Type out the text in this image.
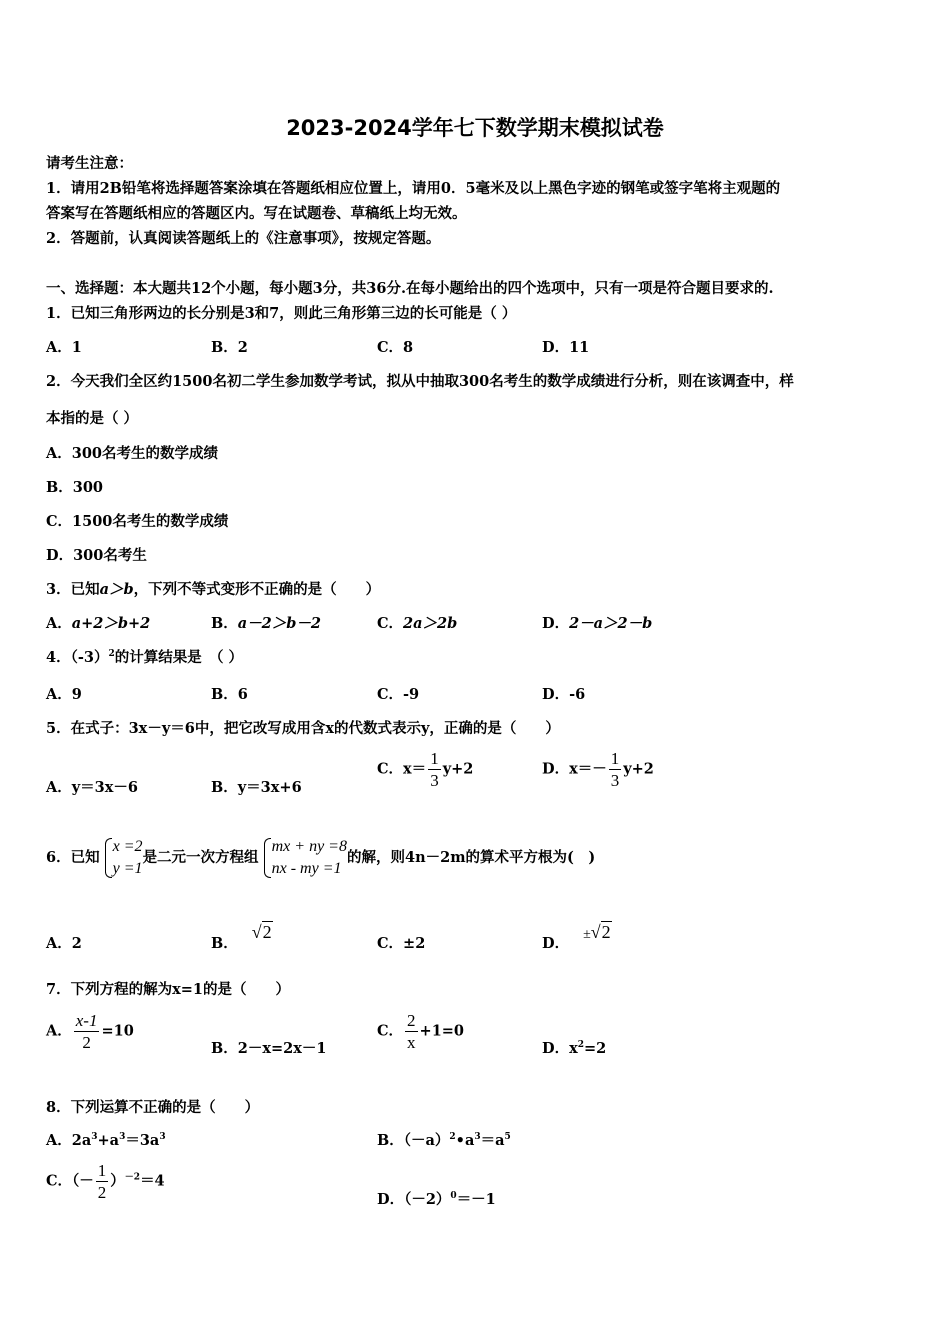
2023-2024学年七下数学期末模拟试卷
请考生注意：
1．请用2B铅笔将选择题答案涂填在答题纸相应位置上，请用0．5毫米及以上黑色字迹的钢笔或签字笔将主观题的
答案写在答题纸相应的答题区内。写在试题卷、草稿纸上均无效。
2．答题前，认真阅读答题纸上的《注意事项》，按规定答题。
一、选择题：本大题共12个小题，每小题3分，共36分.在每小题给出的四个选项中，只有一项是符合题目要求的.
1．已知三角形两边的长分别是3和7，则此三角形第三边的长可能是（ ）
A．1	B．2	C．8	D．11
2．今天我们全区约1500名初二学生参加数学考试，拟从中抽取300名考生的数学成绩进行分析，则在该调查中，样
本指的是（ ）
A．300名考生的数学成绩
B．300
C．1500名考生的数学成绩
D．300名考生
3．已知a＞b，下列不等式变形不正确的是（　　）
A．a+2＞b+2	B．a－2＞b－2	C．2a＞2b	D．2－a＞2－b
4．$(-3)^2$的计算结果是　（ ）
A．9	B．6	C．-9	D．-6
5．在式子：3x－y＝6中，把它改写成用含x的代数式表示y，正确的是（　　）
A．y＝3x－6	B．y＝3x+6
C．$x= \frac{1}{3} y+2$	D．$x=- \frac{1}{3} y+2$
6．已知
x =2
y =1
是二元一次方程组
mx + ny =8
nx - my =1
的解，则4n－2m的算术平方根为(　)
A．2	B．√2
C．±2	D．±√2
7．下列方程的解为x=1的是（　　）
A． $\frac{x-1}{2} =10$
B．2－x=2x－1
C． $\frac{2}{x} +1=0$
D．$x^2=2$
8．下列运算不正确的是（　　）
A．$2a^3+a^3=3a^3$	B．$(-a)^2•a^3=a^5$
C．（－ $\frac{1}{2} )^{-2}=4$
D．$(-2)^0=-1$
